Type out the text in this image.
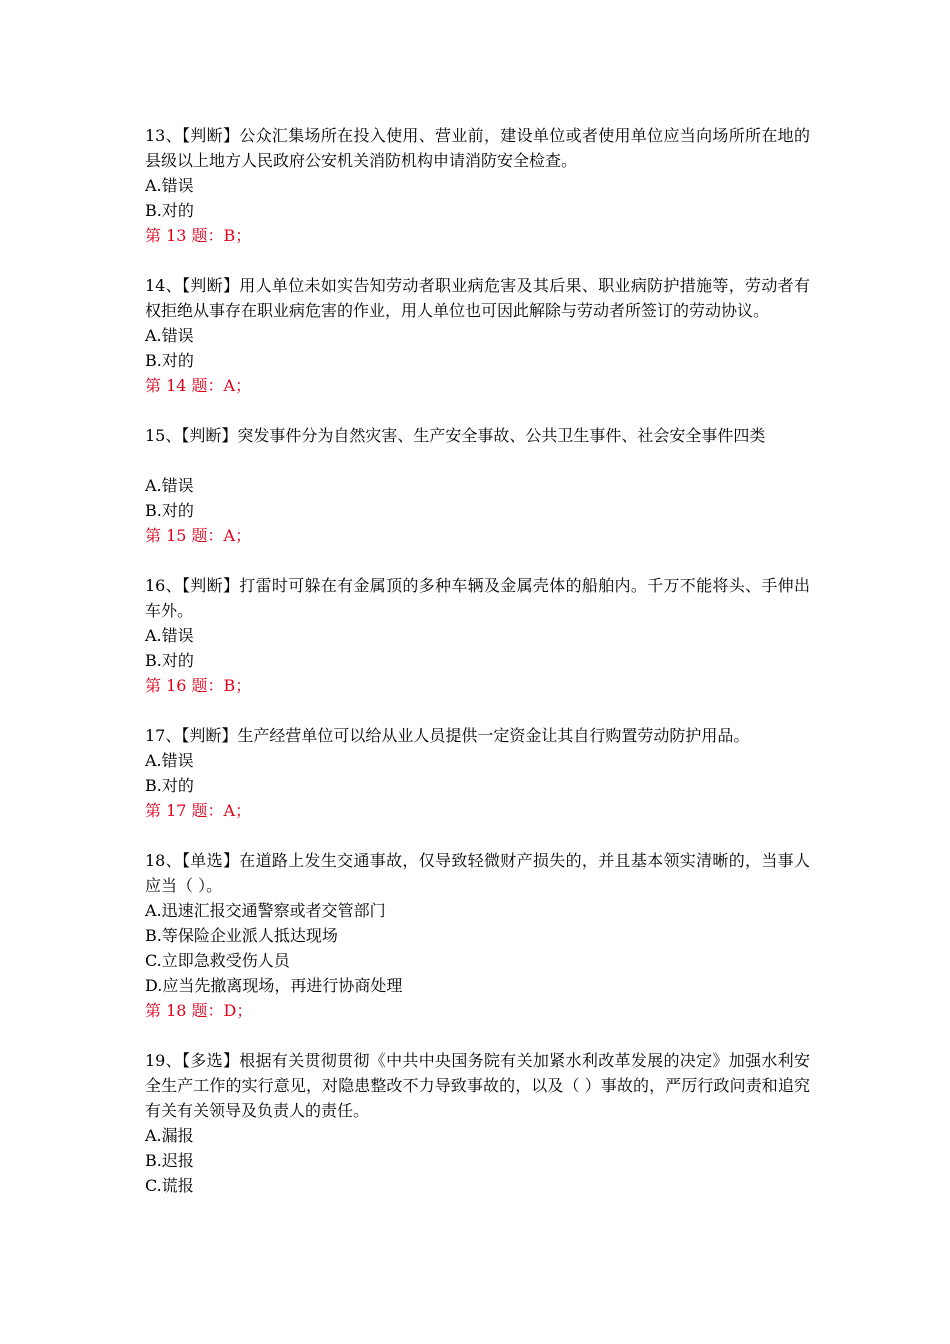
13、【判断】公众汇集场所在投入使用、营业前，建设单位或者使用单位应当向场所所在地的县级以上地方人民政府公安机关消防机构申请消防安全检查。
A.错误
B.对的
第 13 题：B；
14、【判断】用人单位未如实告知劳动者职业病危害及其后果、职业病防护措施等，劳动者有权拒绝从事存在职业病危害的作业，用人单位也可因此解除与劳动者所签订的劳动协议。
A.错误
B.对的
第 14 题：A；
15、【判断】突发事件分为自然灾害、生产安全事故、公共卫生事件、社会安全事件四类
A.错误
B.对的
第 15 题：A；
16、【判断】打雷时可躲在有金属顶的多种车辆及金属壳体的船舶内。千万不能将头、手伸出车外。
A.错误
B.对的
第 16 题：B；
17、【判断】生产经营单位可以给从业人员提供一定资金让其自行购置劳动防护用品。
A.错误
B.对的
第 17 题：A；
18、【单选】在道路上发生交通事故，仅导致轻微财产损失的，并且基本领实清晰的，当事人应当（ ）。
A.迅速汇报交通警察或者交管部门
B.等保险企业派人抵达现场
C.立即急救受伤人员
D.应当先撤离现场，再进行协商处理
第 18 题：D；
19、【多选】根据有关贯彻贯彻《中共中央国务院有关加紧水利改革发展的决定》加强水利安全生产工作的实行意见，对隐患整改不力导致事故的，以及（ ）事故的，严厉行政问责和追究有关有关领导及负责人的责任。
A.漏报
B.迟报
C.谎报
